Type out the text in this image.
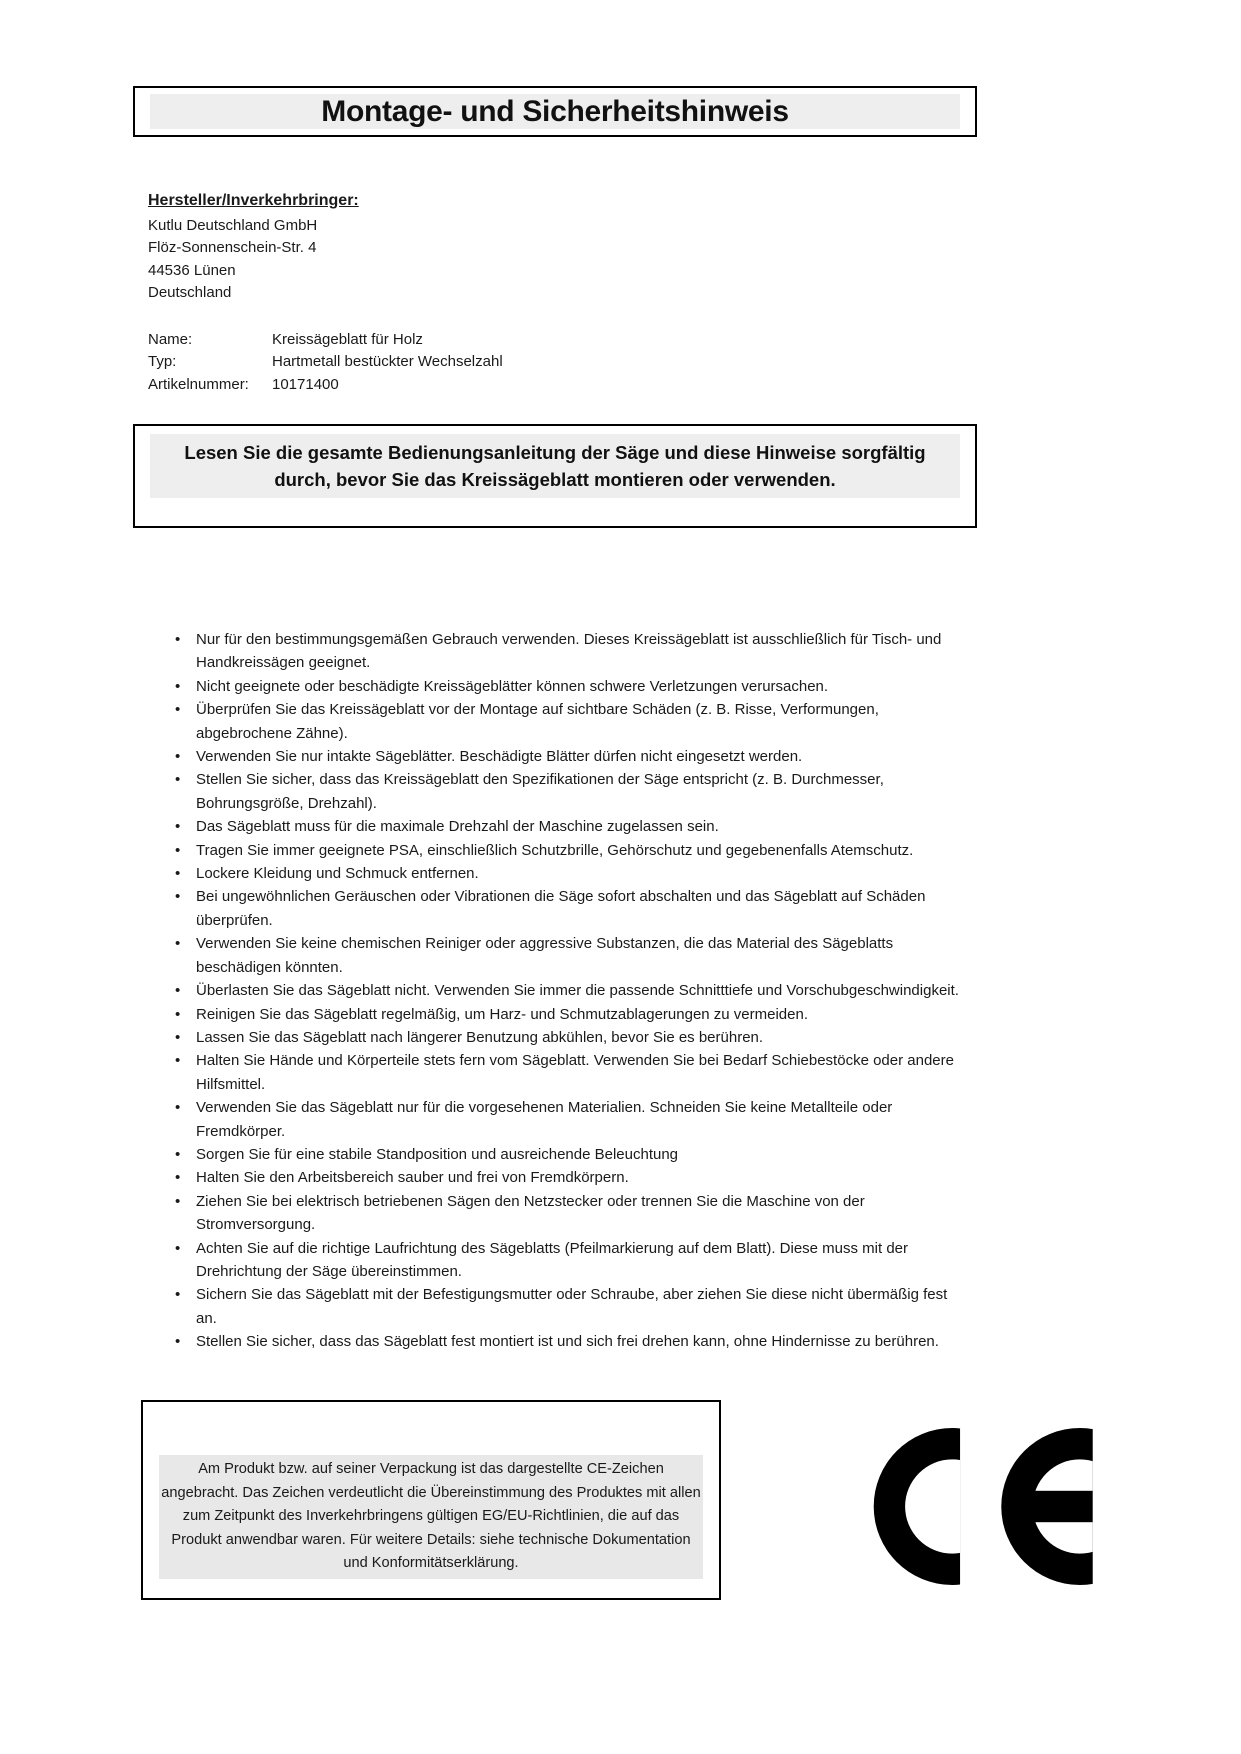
Montage- und Sicherheitshinweis
Hersteller/Inverkehrbringer:
Kutlu Deutschland GmbH
Flöz-Sonnenschein-Str. 4
44536 Lünen
Deutschland
Name:	Kreissägeblatt für Holz
Typ:	Hartmetall bestückter Wechselzahl
Artikelnummer:	10171400

Lesen Sie die gesamte Bedienungsanleitung der Säge und diese Hinweise sorgfältig durch, bevor Sie das Kreissägeblatt montieren oder verwenden.

• Nur für den bestimmungsgemäßen Gebrauch verwenden. Dieses Kreissägeblatt ist ausschließlich für Tisch- und Handkreissägen geeignet.
• Nicht geeignete oder beschädigte Kreissägeblätter können schwere Verletzungen verursachen.
• Überprüfen Sie das Kreissägeblatt vor der Montage auf sichtbare Schäden (z. B. Risse, Verformungen, abgebrochene Zähne).
• Verwenden Sie nur intakte Sägeblätter. Beschädigte Blätter dürfen nicht eingesetzt werden.
• Stellen Sie sicher, dass das Kreissägeblatt den Spezifikationen der Säge entspricht (z. B. Durchmesser, Bohrungsgröße, Drehzahl).
• Das Sägeblatt muss für die maximale Drehzahl der Maschine zugelassen sein.
• Tragen Sie immer geeignete PSA, einschließlich Schutzbrille, Gehörschutz und gegebenenfalls Atemschutz.
• Lockere Kleidung und Schmuck entfernen.
• Bei ungewöhnlichen Geräuschen oder Vibrationen die Säge sofort abschalten und das Sägeblatt auf Schäden überprüfen.
• Verwenden Sie keine chemischen Reiniger oder aggressive Substanzen, die das Material des Sägeblatts beschädigen könnten.
• Überlasten Sie das Sägeblatt nicht. Verwenden Sie immer die passende Schnitttiefe und Vorschubgeschwindigkeit.
• Reinigen Sie das Sägeblatt regelmäßig, um Harz- und Schmutzablagerungen zu vermeiden.
• Lassen Sie das Sägeblatt nach längerer Benutzung abkühlen, bevor Sie es berühren.
• Halten Sie Hände und Körperteile stets fern vom Sägeblatt. Verwenden Sie bei Bedarf Schiebestöcke oder andere Hilfsmittel.
• Verwenden Sie das Sägeblatt nur für die vorgesehenen Materialien. Schneiden Sie keine Metallteile oder Fremdkörper.
• Sorgen Sie für eine stabile Standposition und ausreichende Beleuchtung
• Halten Sie den Arbeitsbereich sauber und frei von Fremdkörpern.
• Ziehen Sie bei elektrisch betriebenen Sägen den Netzstecker oder trennen Sie die Maschine von der Stromversorgung.
• Achten Sie auf die richtige Laufrichtung des Sägeblatts (Pfeilmarkierung auf dem Blatt). Diese muss mit der Drehrichtung der Säge übereinstimmen.
• Sichern Sie das Sägeblatt mit der Befestigungsmutter oder Schraube, aber ziehen Sie diese nicht übermäßig fest an.
• Stellen Sie sicher, dass das Sägeblatt fest montiert ist und sich frei drehen kann, ohne Hindernisse zu berühren.

Am Produkt bzw. auf seiner Verpackung ist das dargestellte CE-Zeichen angebracht. Das Zeichen verdeutlicht die Übereinstimmung des Produktes mit allen zum Zeitpunkt des Inverkehrbringens gültigen EG/EU-Richtlinien, die auf das Produkt anwendbar waren. Für weitere Details: siehe technische Dokumentation und Konformitätserklärung.
